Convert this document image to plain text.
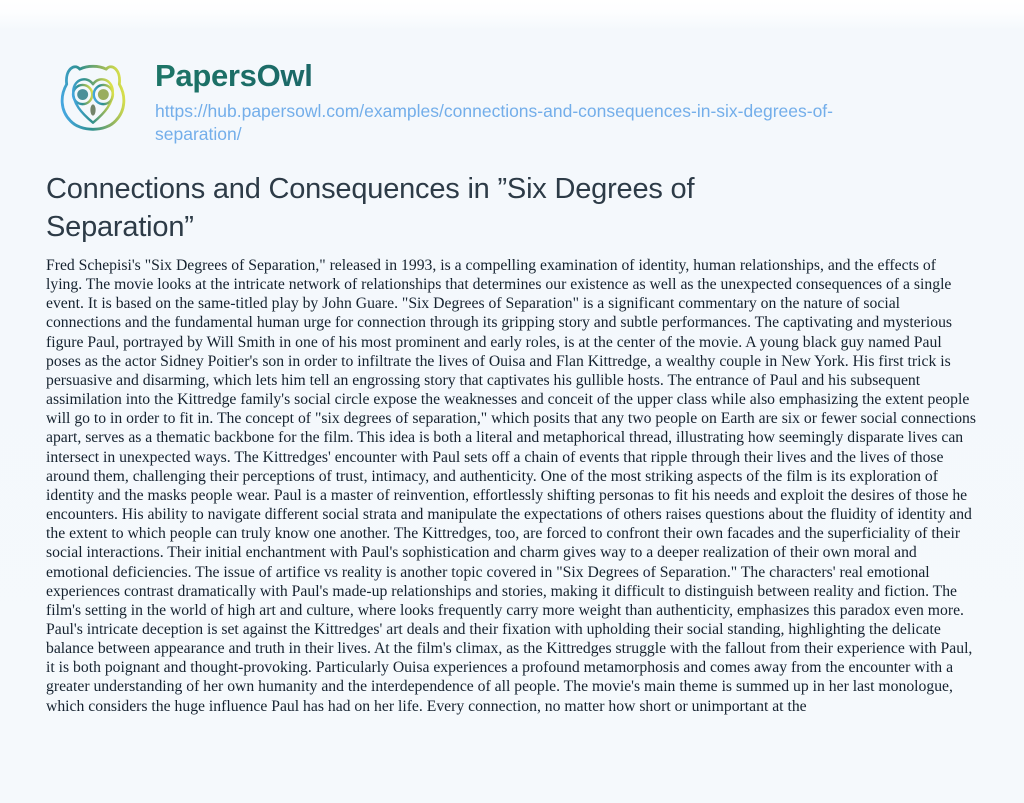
PapersOwl
https://hub.papersowl.com/examples/connections-and-consequences-in-six-degrees-of-separation/
Connections and Consequences in ”Six Degrees of Separation”

Fred Schepisi's "Six Degrees of Separation," released in 1993, is a compelling examination of identity, human relationships, and the effects of lying. The movie looks at the intricate network of relationships that determines our existence as well as the unexpected consequences of a single event. It is based on the same-titled play by John Guare. "Six Degrees of Separation" is a significant commentary on the nature of social connections and the fundamental human urge for connection through its gripping story and subtle performances. The captivating and mysterious figure Paul, portrayed by Will Smith in one of his most prominent and early roles, is at the center of the movie. A young black guy named Paul poses as the actor Sidney Poitier's son in order to infiltrate the lives of Ouisa and Flan Kittredge, a wealthy couple in New York. His first trick is persuasive and disarming, which lets him tell an engrossing story that captivates his gullible hosts. The entrance of Paul and his subsequent assimilation into the Kittredge family's social circle expose the weaknesses and conceit of the upper class while also emphasizing the extent people will go to in order to fit in. The concept of "six degrees of separation," which posits that any two people on Earth are six or fewer social connections apart, serves as a thematic backbone for the film. This idea is both a literal and metaphorical thread, illustrating how seemingly disparate lives can intersect in unexpected ways. The Kittredges' encounter with Paul sets off a chain of events that ripple through their lives and the lives of those around them, challenging their perceptions of trust, intimacy, and authenticity. One of the most striking aspects of the film is its exploration of identity and the masks people wear. Paul is a master of reinvention, effortlessly shifting personas to fit his needs and exploit the desires of those he encounters. His ability to navigate different social strata and manipulate the expectations of others raises questions about the fluidity of identity and the extent to which people can truly know one another. The Kittredges, too, are forced to confront their own facades and the superficiality of their social interactions. Their initial enchantment with Paul's sophistication and charm gives way to a deeper realization of their own moral and emotional deficiencies. The issue of artifice vs reality is another topic covered in "Six Degrees of Separation." The characters' real emotional experiences contrast dramatically with Paul's made-up relationships and stories, making it difficult to distinguish between reality and fiction. The film's setting in the world of high art and culture, where looks frequently carry more weight than authenticity, emphasizes this paradox even more. Paul's intricate deception is set against the Kittredges' art deals and their fixation with upholding their social standing, highlighting the delicate balance between appearance and truth in their lives. At the film's climax, as the Kittredges struggle with the fallout from their experience with Paul, it is both poignant and thought-provoking. Particularly Ouisa experiences a profound metamorphosis and comes away from the encounter with a greater understanding of her own humanity and the interdependence of all people. The movie's main theme is summed up in her last monologue, which considers the huge influence Paul has had on her life. Every connection, no matter how short or unimportant at the
